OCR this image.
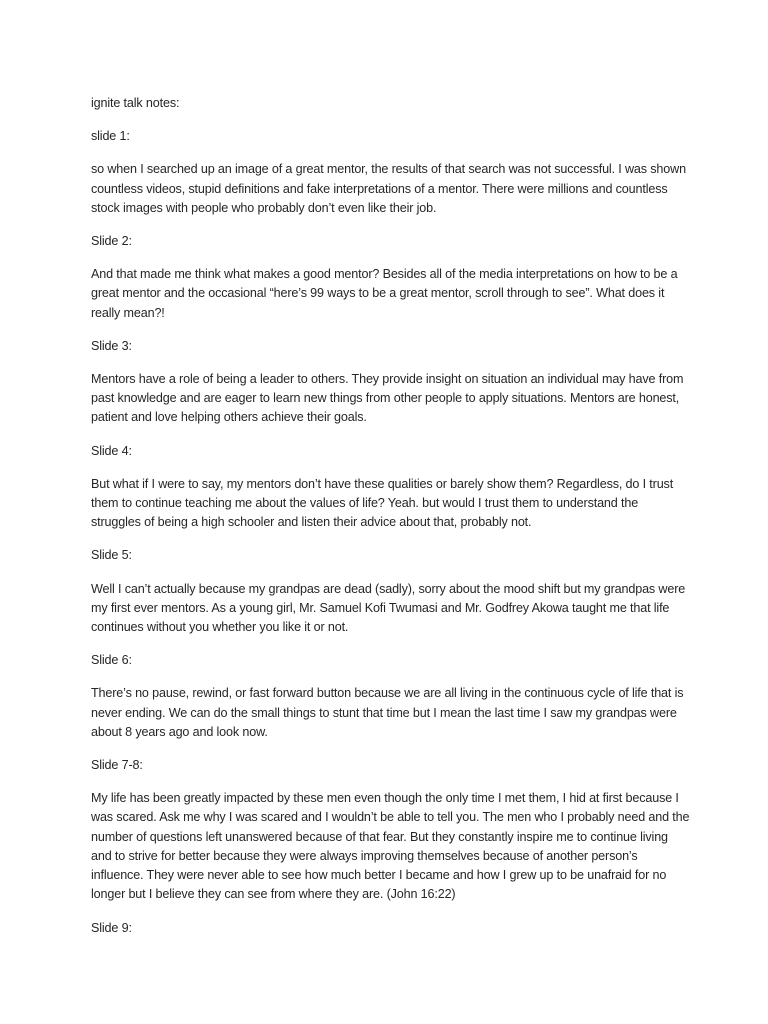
ignite talk notes:

slide 1:

so when I searched up an image of a great mentor, the results of that search was not successful. I was shown countless videos, stupid definitions and fake interpretations of a mentor. There were millions and countless stock images with people who probably don’t even like their job.

Slide 2:

And that made me think what makes a good mentor? Besides all of the media interpretations on how to be a great mentor and the occasional “here’s 99 ways to be a great mentor, scroll through to see”. What does it really mean?!

Slide 3:

Mentors have a role of being a leader to others. They provide insight on situation an individual may have from past knowledge and are eager to learn new things from other people to apply situations. Mentors are honest, patient and love helping others achieve their goals.

Slide 4:

But what if I were to say, my mentors don’t have these qualities or barely show them? Regardless, do I trust them to continue teaching me about the values of life? Yeah. but would I trust them to understand the struggles of being a high schooler and listen their advice about that, probably not.

Slide 5:

Well I can’t actually because my grandpas are dead (sadly), sorry about the mood shift but my grandpas were my first ever mentors. As a young girl, Mr. Samuel Kofi Twumasi and Mr. Godfrey Akowa taught me that life continues without you whether you like it or not.

Slide 6:

There’s no pause, rewind, or fast forward button because we are all living in the continuous cycle of life that is never ending. We can do the small things to stunt that time but I mean the last time I saw my grandpas were about 8 years ago and look now.

Slide 7-8:

My life has been greatly impacted by these men even though the only time I met them, I hid at first because I was scared. Ask me why I was scared and I wouldn’t be able to tell you. The men who I probably need and the number of questions left unanswered because of that fear. But they constantly inspire me to continue living and to strive for better because they were always improving themselves because of another person’s influence. They were never able to see how much better I became and how I grew up to be unafraid for no longer but I believe they can see from where they are. (John 16:22)

Slide 9:
